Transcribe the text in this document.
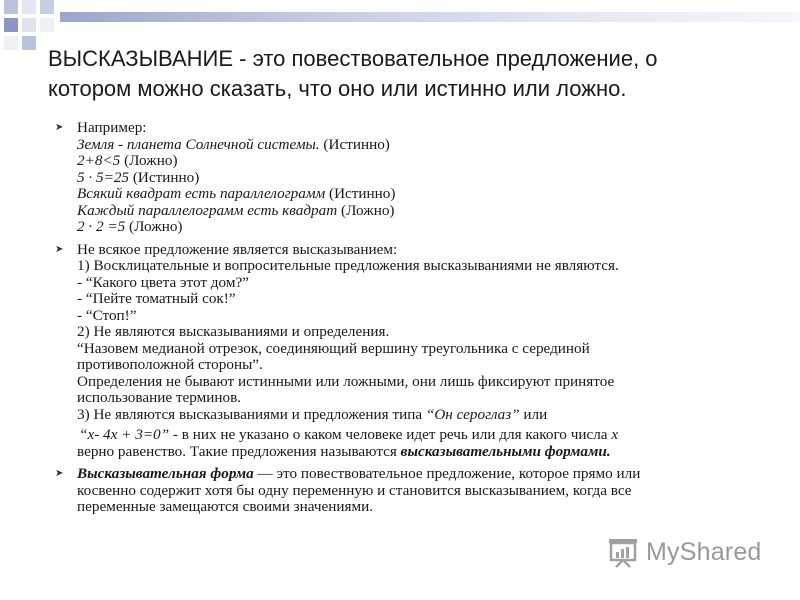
ВЫСКАЗЫВАНИЕ - это повествовательное предложение, о
котором можно сказать, что оно или истинно или ложно.
➤ Например:
Земля - планета Солнечной системы. (Истинно)
2+8<5 (Ложно)
5 · 5=25 (Истинно)
Всякий квадрат есть параллелограмм (Истинно)
Каждый параллелограмм есть квадрат (Ложно)
2 · 2 =5 (Ложно)
➤ Не всякое предложение является высказыванием:
1) Восклицательные и вопросительные предложения высказываниями не являются.
- “Какого цвета этот дом?”
- “Пейте томатный сок!”
- “Стоп!”
2) Не являются высказываниями и определения.
“Назовем медианой отрезок, соединяющий вершину треугольника с серединой
противоположной стороны”.
Определения не бывают истинными или ложными, они лишь фиксируют принятое
использование терминов.
3) Не являются высказываниями и предложения типа “Он сероглаз” или
“х- 4х + 3=0” - в них не указано о каком человеке идет речь или для какого числа х
верно равенство. Такие предложения называются высказывательными формами.
➤ Высказывательная форма — это повествовательное предложение, которое прямо или
косвенно содержит хотя бы одну переменную и становится высказыванием, когда все
переменные замещаются своими значениями.
MyShared
